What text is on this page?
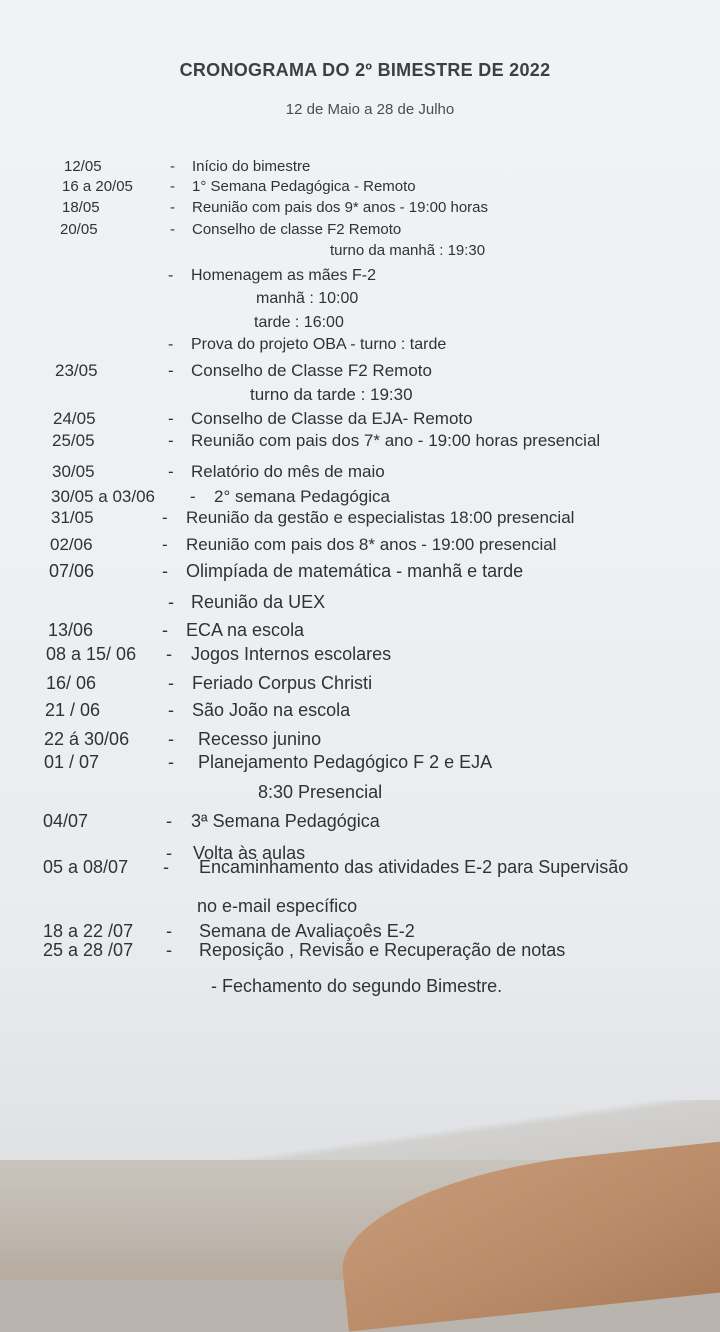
CRONOGRAMA DO 2º BIMESTRE DE 2022
12 de Maio a 28 de Julho
12/05	- Início do bimestre
16 a 20/05 - 1° Semana Pedagógica - Remoto
18/05	- Reunião com pais dos 9* anos - 19:00 horas
20/05	- Conselho de classe F2 Remoto
turno da manhã : 19:30
- Homenagem as mães F-2
manhã : 10:00
tarde : 16:00
- Prova do projeto OBA - turno : tarde
23/05	- Conselho de Classe F2 Remoto
turno da tarde : 19:30
24/05	- Conselho de Classe da EJA- Remoto
25/05	- Reunião com pais dos 7* ano - 19:00 horas presencial
30/05	- Relatório do mês de maio
30/05 a 03/06 - 2° semana Pedagógica
31/05	- Reunião da gestão e especialistas 18:00 presencial
02/06	- Reunião com pais dos 8* anos - 19:00 presencial
07/06	- Olimpíada de matemática - manhã e tarde
- Reunião da UEX
13/06	- ECA na escola
08 a 15/ 06 - Jogos Internos escolares
16/ 06	- Feriado Corpus Christi
21 / 06	- São João na escola
22 á 30/06 - Recesso junino
01 / 07	- Planejamento Pedagógico F 2 e EJA
8:30 Presencial
04/07	- 3ª Semana Pedagógica
- Volta às aulas
05 a 08/07 - Encaminhamento das atividades E-2 para Supervisão
no e-mail específico
18 a 22 /07 - Semana de Avaliaçoês E-2
25 a 28 /07 - Reposição , Revisão e Recuperação de notas
- Fechamento do segundo Bimestre.
